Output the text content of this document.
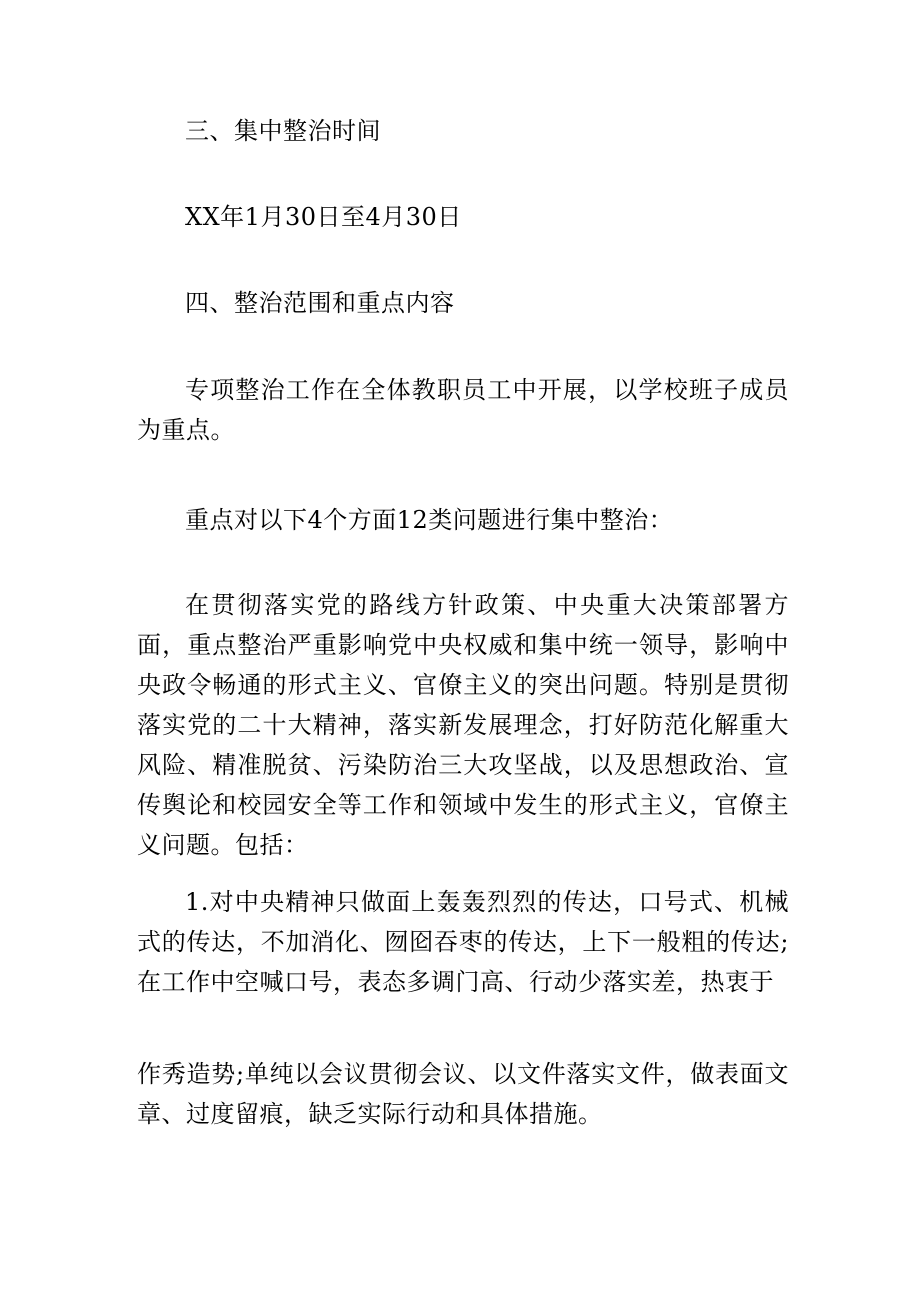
三、集中整治时间

XX年1月30日至4月30日

四、整治范围和重点内容

专项整治工作在全体教职员工中开展，以学校班子成员为重点。

重点对以下4个方面12类问题进行集中整治：

在贯彻落实党的路线方针政策、中央重大决策部署方面，重点整治严重影响党中央权威和集中统一领导，影响中央政令畅通的形式主义、官僚主义的突出问题。特别是贯彻落实党的二十大精神，落实新发展理念，打好防范化解重大风险、精准脱贫、污染防治三大攻坚战，以及思想政治、宣传舆论和校园安全等工作和领域中发生的形式主义，官僚主义问题。包括：

1.对中央精神只做面上轰轰烈烈的传达，口号式、机械式的传达，不加消化、囫囵吞枣的传达，上下一般粗的传达;在工作中空喊口号，表态多调门高、行动少落实差，热衷于

作秀造势;单纯以会议贯彻会议、以文件落实文件，做表面文章、过度留痕，缺乏实际行动和具体措施。
